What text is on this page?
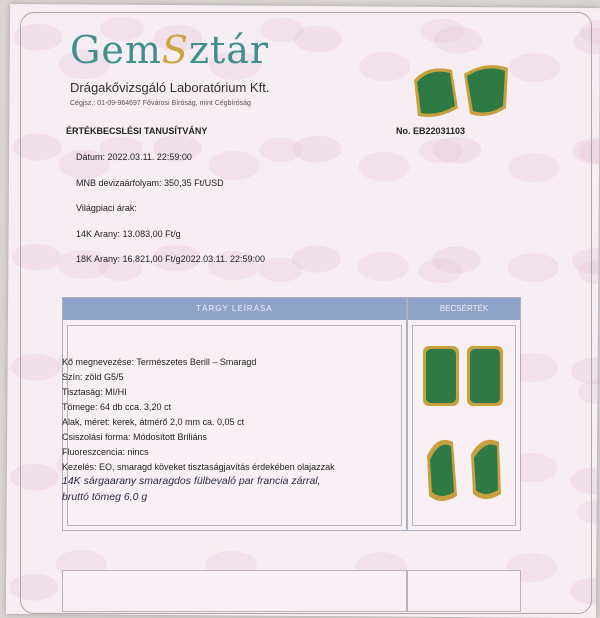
GemSztár
Drágakővizsgáló Laboratórium Kft.
Cégjsz.: 01-09-964697 Fővárosi Bíróság, mint Cégbíróság
ÉRTÉKBECSLÉSI TANUSÍTVÁNY	No. EB22031103
Dátum: 2022.03.11. 22:59:00
MNB devizaárfolyam: 350,35 Ft/USD
Világpiaci árak:
14K Arany: 13.083,00 Ft/g
18K Arany: 16.821,00 Ft/g2022.03.11. 22:59:00
TÁRGY LEÍRÁSA	BECSÉRTÉK
Kő megnevezése: Természetes Berill – Smaragd
Szín: zöld G5/5
Tisztaság: MI/HI
Tömege: 64 db cca. 3,20 ct
Alak, méret: kerek, átmérő 2,0 mm ca. 0,05 ct
Csiszolási forma: Módosított Briliáns
Fluoreszcencia: nincs
Kezelés: EO, smaragd köveket tisztaságjavítás érdekében olajazzak
14K sárgaarany smaragdos fülbevaló par francia zárral,
bruttó tömeg 6,0 g
